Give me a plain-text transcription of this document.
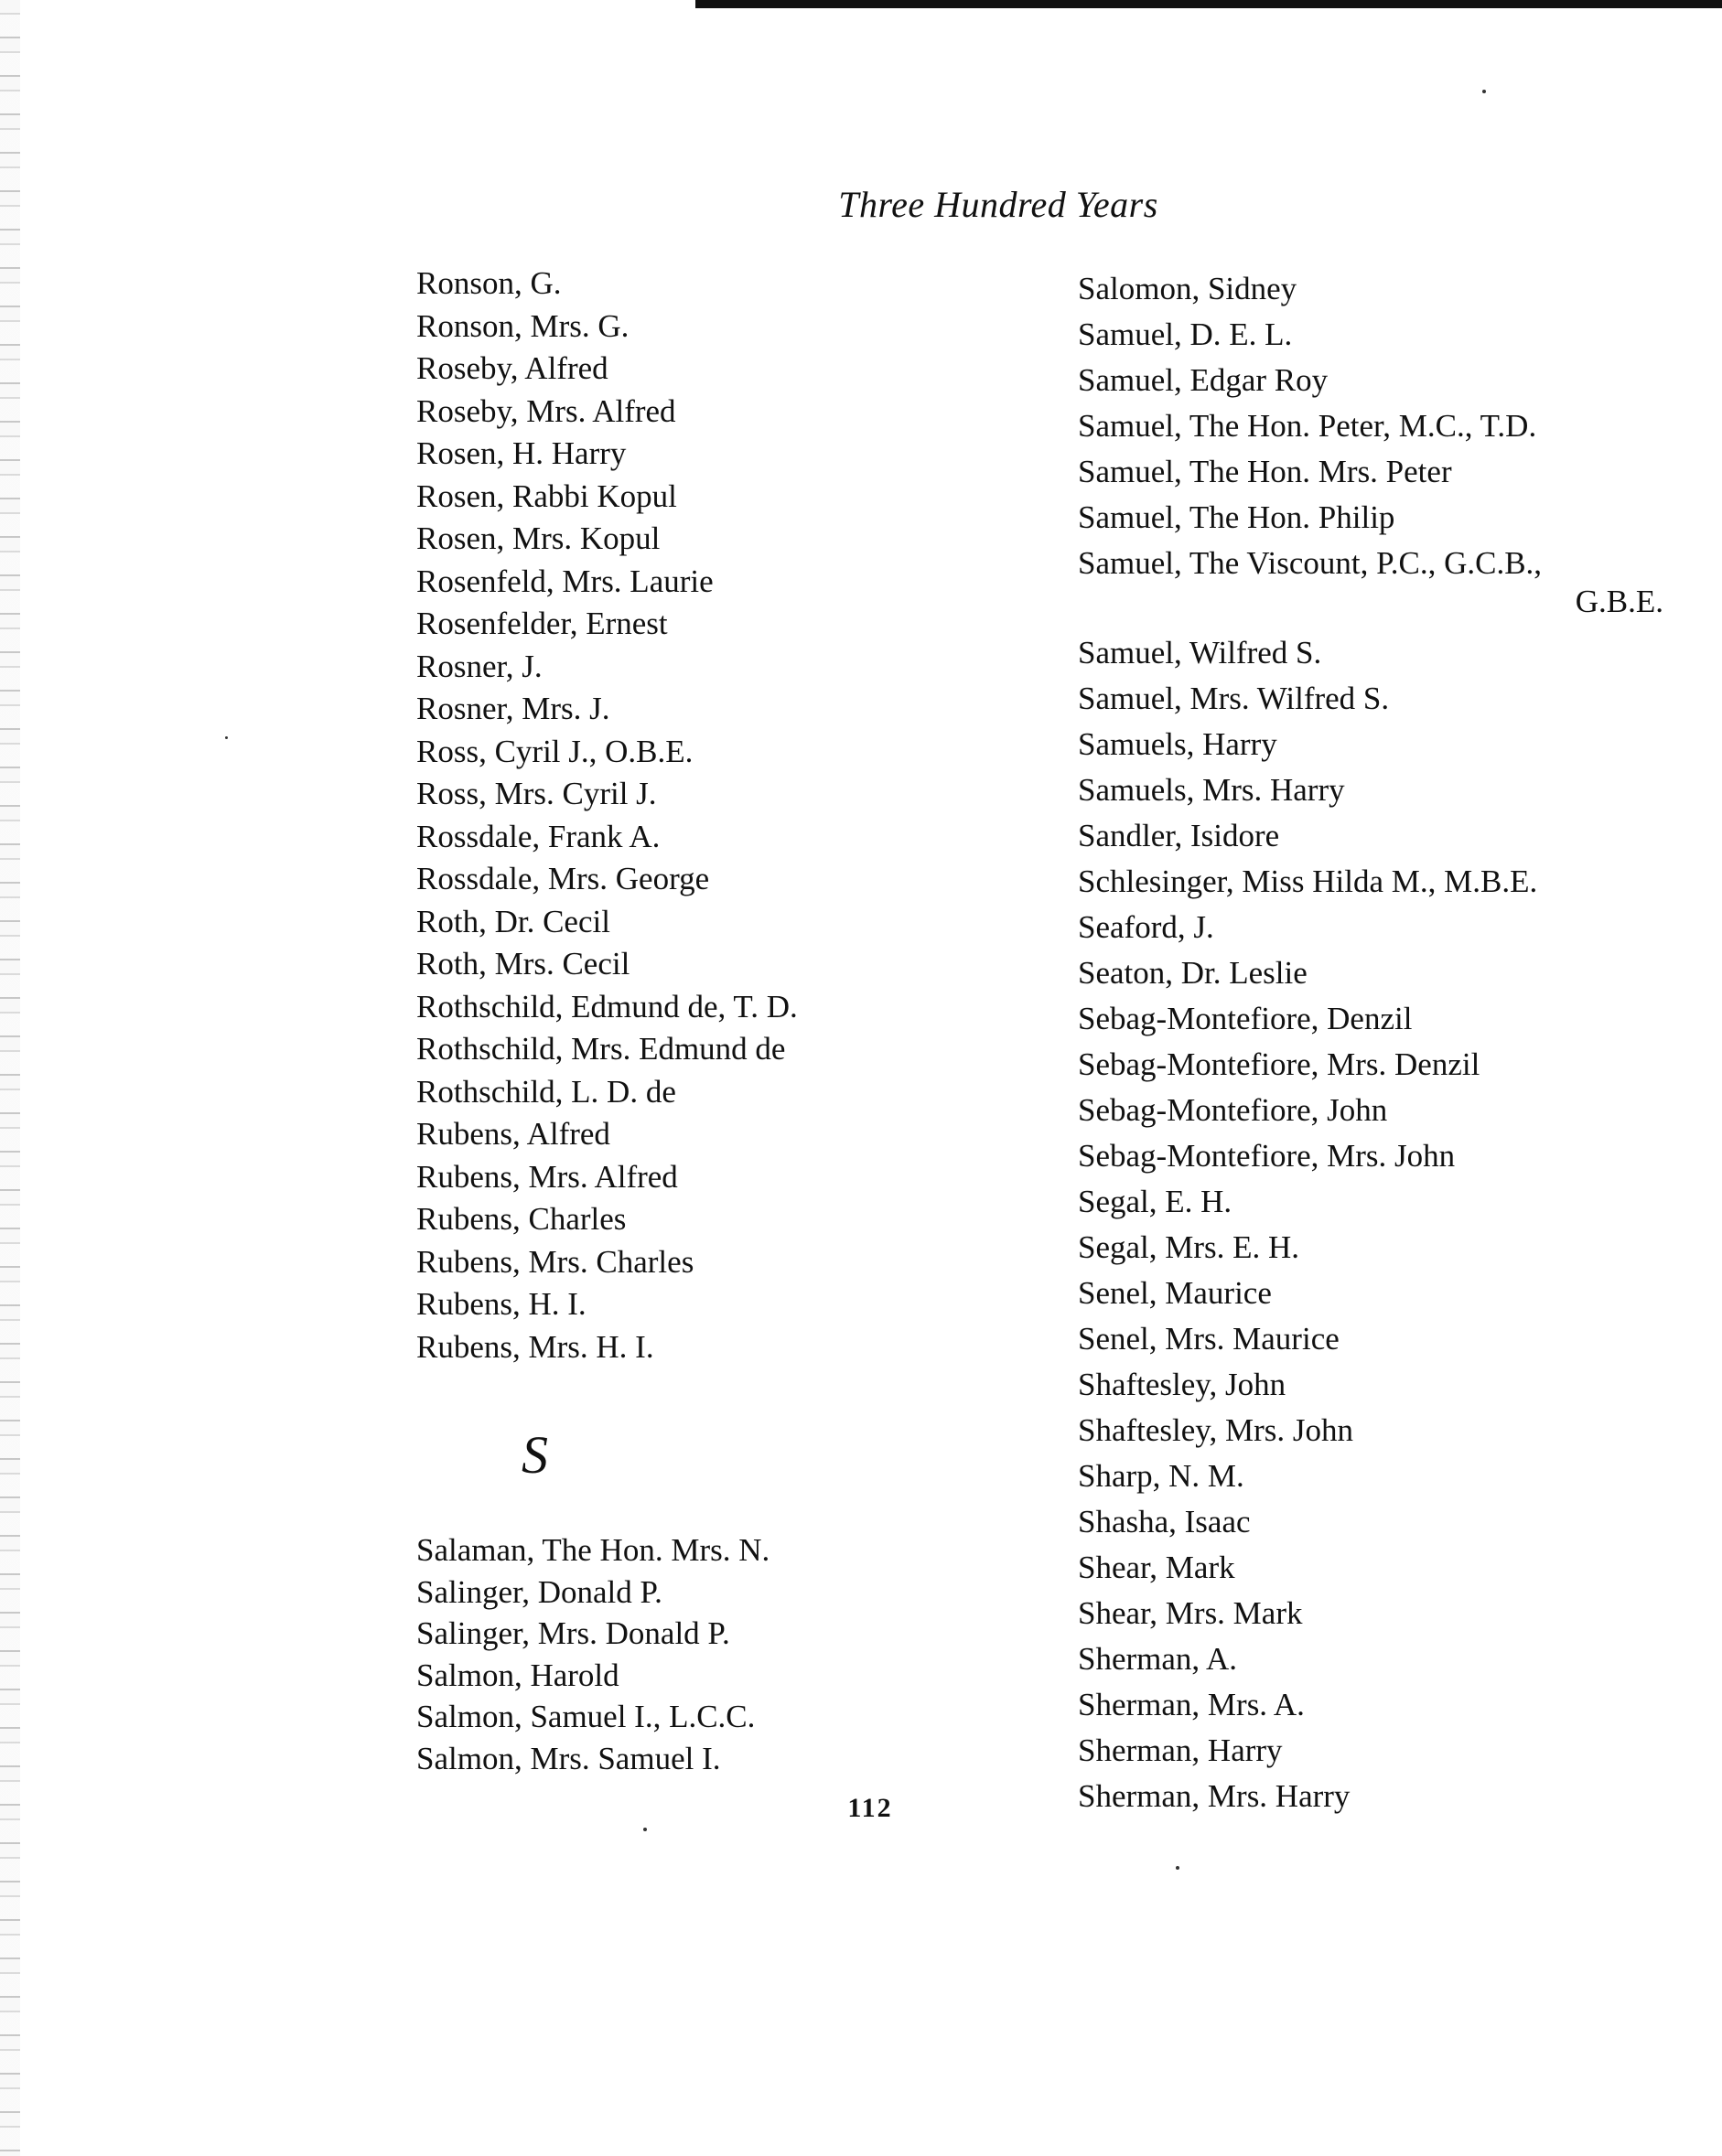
Three Hundred Years
Ronson, G.
Ronson, Mrs. G.
Roseby, Alfred
Roseby, Mrs. Alfred
Rosen, H. Harry
Rosen, Rabbi Kopul
Rosen, Mrs. Kopul
Rosenfeld, Mrs. Laurie
Rosenfelder, Ernest
Rosner, J.
Rosner, Mrs. J.
Ross, Cyril J., O.B.E.
Ross, Mrs. Cyril J.
Rossdale, Frank A.
Rossdale, Mrs. George
Roth, Dr. Cecil
Roth, Mrs. Cecil
Rothschild, Edmund de, T. D.
Rothschild, Mrs. Edmund de
Rothschild, L. D. de
Rubens, Alfred
Rubens, Mrs. Alfred
Rubens, Charles
Rubens, Mrs. Charles
Rubens, H. I.
Rubens, Mrs. H. I.
S
Salaman, The Hon. Mrs. N.
Salinger, Donald P.
Salinger, Mrs. Donald P.
Salmon, Harold
Salmon, Samuel I., L.C.C.
Salmon, Mrs. Samuel I.
Salomon, Sidney
Samuel, D. E. L.
Samuel, Edgar Roy
Samuel, The Hon. Peter, M.C., T.D.
Samuel, The Hon. Mrs. Peter
Samuel, The Hon. Philip
Samuel, The Viscount, P.C., G.C.B.,
G.B.E.
Samuel, Wilfred S.
Samuel, Mrs. Wilfred S.
Samuels, Harry
Samuels, Mrs. Harry
Sandler, Isidore
Schlesinger, Miss Hilda M., M.B.E.
Seaford, J.
Seaton, Dr. Leslie
Sebag-Montefiore, Denzil
Sebag-Montefiore, Mrs. Denzil
Sebag-Montefiore, John
Sebag-Montefiore, Mrs. John
Segal, E. H.
Segal, Mrs. E. H.
Senel, Maurice
Senel, Mrs. Maurice
Shaftesley, John
Shaftesley, Mrs. John
Sharp, N. M.
Shasha, Isaac
Shear, Mark
Shear, Mrs. Mark
Sherman, A.
Sherman, Mrs. A.
Sherman, Harry
Sherman, Mrs. Harry
112
